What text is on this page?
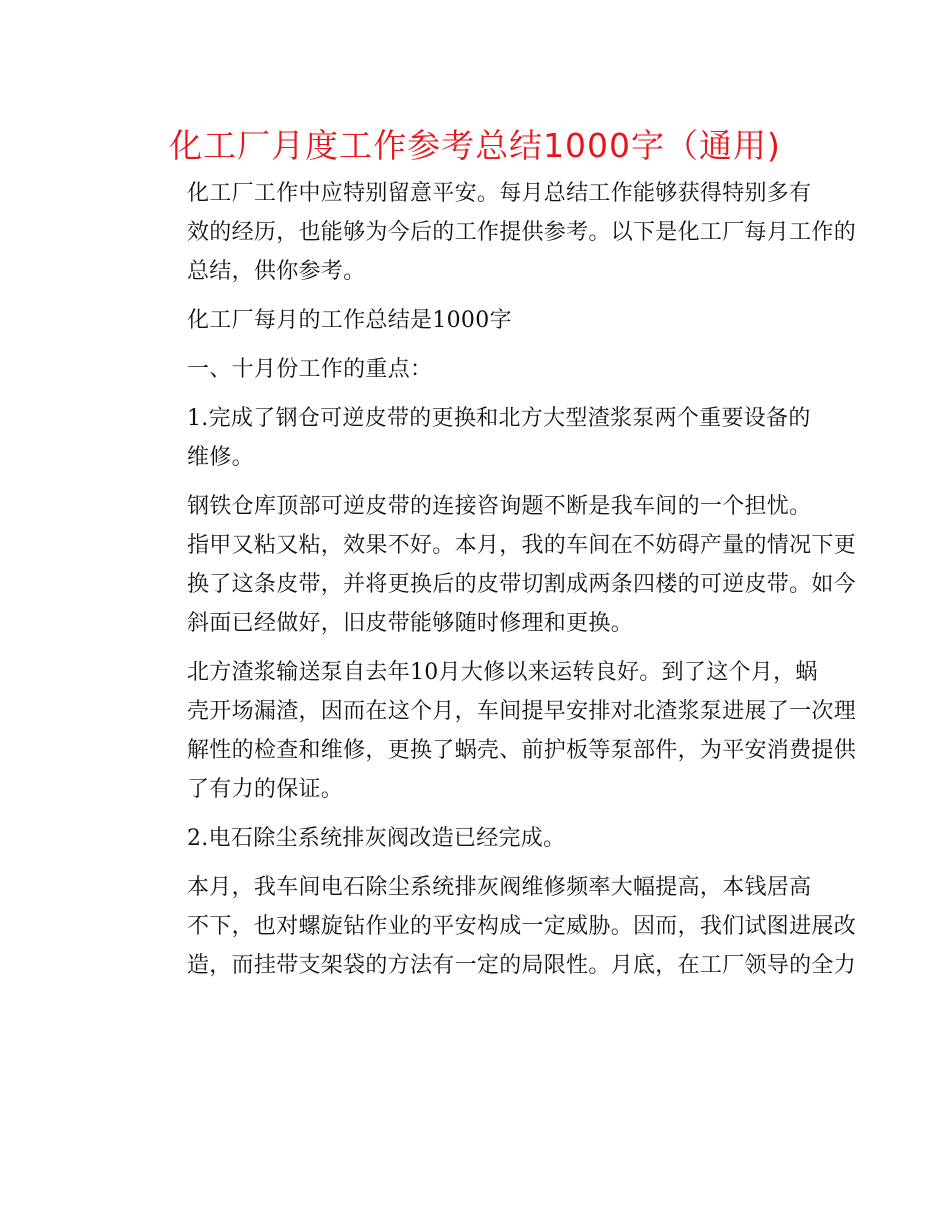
化工厂月度工作参考总结1000字（通用)

化工厂工作中应特别留意平安。每月总结工作能够获得特别多有
效的经历，也能够为今后的工作提供参考。以下是化工厂每月工作的
总结，供你参考。

化工厂每月的工作总结是1000字

一、十月份工作的重点：

1.完成了钢仓可逆皮带的更换和北方大型渣浆泵两个重要设备的
维修。

钢铁仓库顶部可逆皮带的连接咨询题不断是我车间的一个担忧。
指甲又粘又粘，效果不好。本月，我的车间在不妨碍产量的情况下更
换了这条皮带，并将更换后的皮带切割成两条四楼的可逆皮带。如今
斜面已经做好，旧皮带能够随时修理和更换。

北方渣浆输送泵自去年10月大修以来运转良好。到了这个月，蜗
壳开场漏渣，因而在这个月，车间提早安排对北渣浆泵进展了一次理
解性的检查和维修，更换了蜗壳、前护板等泵部件，为平安消费提供
了有力的保证。

2.电石除尘系统排灰阀改造已经完成。

本月，我车间电石除尘系统排灰阀维修频率大幅提高，本钱居高
不下，也对螺旋钻作业的平安构成一定威胁。因而，我们试图进展改
造，而挂带支架袋的方法有一定的局限性。月底，在工厂领导的全力
